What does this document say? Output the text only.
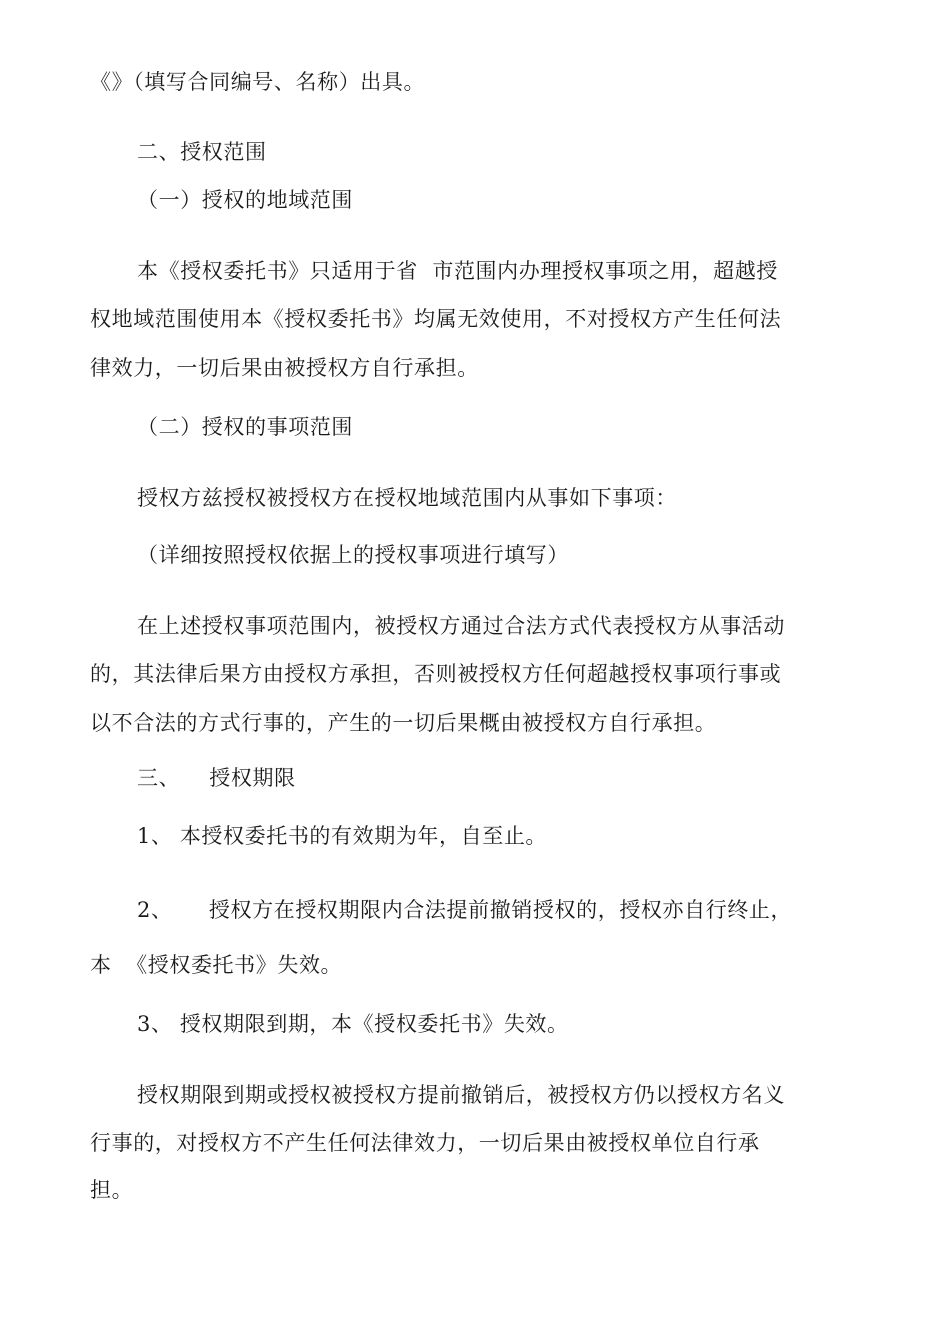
《》（填写合同编号、名称）出具。
二、授权范围
（一）授权的地域范围
本《授权委托书》只适用于省  市范围内办理授权事项之用，超越授
权地域范围使用本《授权委托书》均属无效使用，不对授权方产生任何法
律效力，一切后果由被授权方自行承担。
（二）授权的事项范围
授权方兹授权被授权方在授权地域范围内从事如下事项：
（详细按照授权依据上的授权事项进行填写）
在上述授权事项范围内，被授权方通过合法方式代表授权方从事活动
的，其法律后果方由授权方承担，否则被授权方任何超越授权事项行事或
以不合法的方式行事的，产生的一切后果概由被授权方自行承担。
三、    授权期限
1、 本授权委托书的有效期为年，自至止。
2、     授权方在授权期限内合法提前撤销授权的，授权亦自行终止，
本  《授权委托书》失效。
3、 授权期限到期，本《授权委托书》失效。
授权期限到期或授权被授权方提前撤销后，被授权方仍以授权方名义
行事的，对授权方不产生任何法律效力，一切后果由被授权单位自行承
担。
